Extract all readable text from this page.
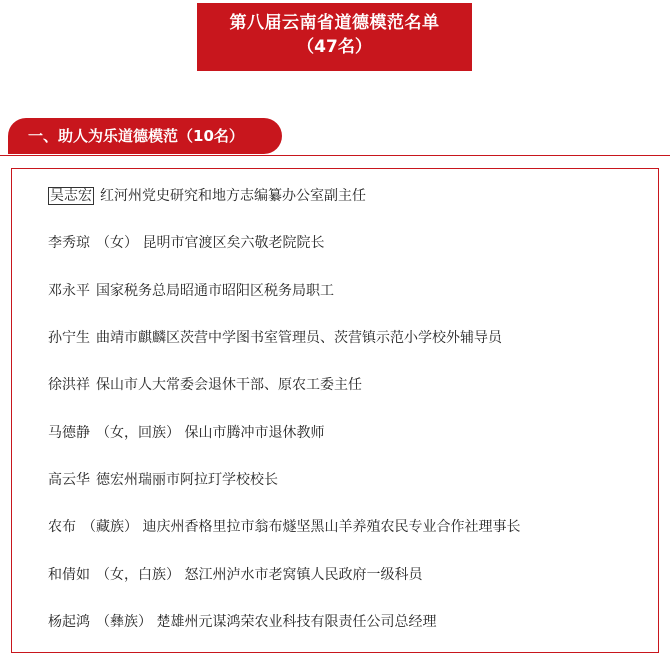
第八届云南省道德模范名单
（47名）
一、助人为乐道德模范（10名）
吴志宏 红河州党史研究和地方志编纂办公室副主任
李秀琼 （女） 昆明市官渡区矣六敬老院院长
邓永平 国家税务总局昭通市昭阳区税务局职工
孙宁生 曲靖市麒麟区茨营中学图书室管理员、茨营镇示范小学校外辅导员
徐洪祥 保山市人大常委会退休干部、原农工委主任
马德静 （女，回族） 保山市腾冲市退休教师
高云华 德宏州瑞丽市阿拉玎学校校长
农布 （藏族） 迪庆州香格里拉市翁布燧坚黑山羊养殖农民专业合作社理事长
和倩如 （女，白族） 怒江州泸水市老窝镇人民政府一级科员
杨起鸿 （彝族） 楚雄州元谋鸿荣农业科技有限责任公司总经理
